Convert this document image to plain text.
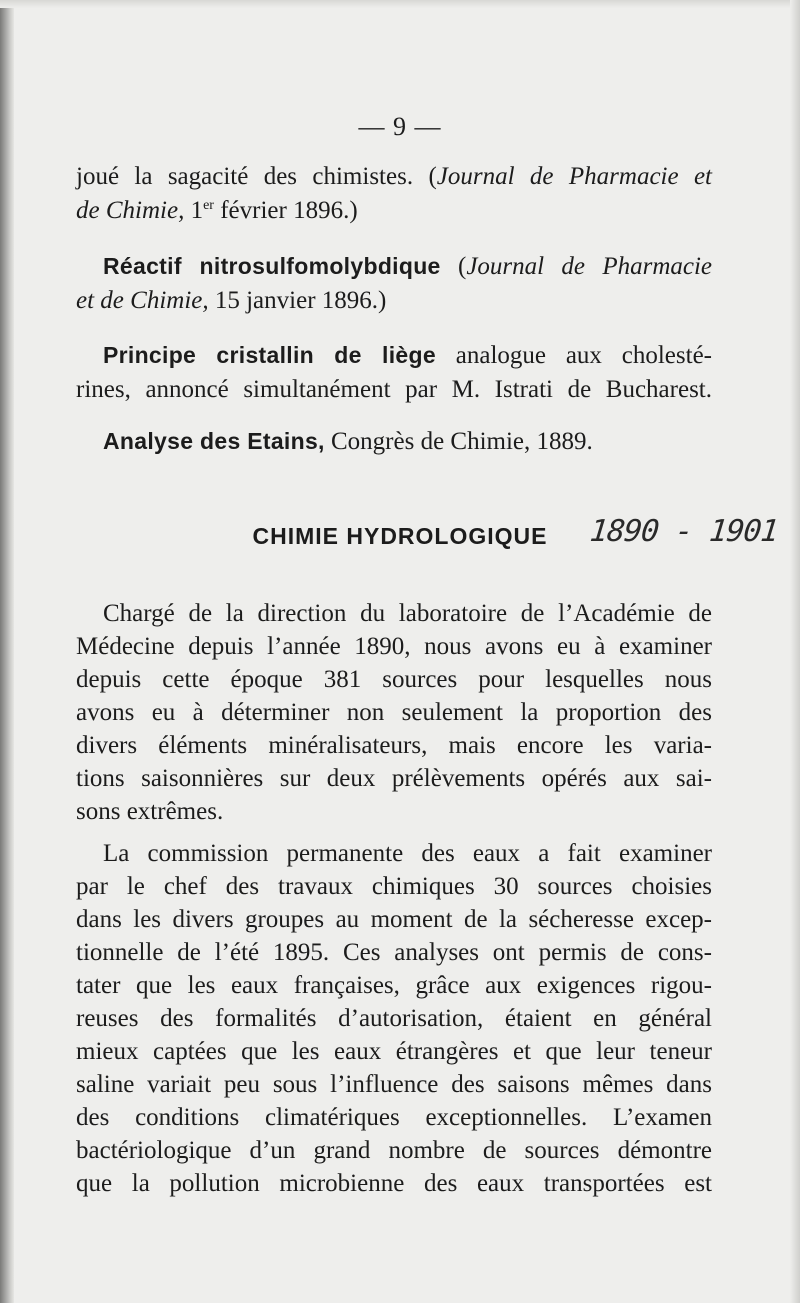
— 9 —
joué la sagacité des chimistes. (Journal de Pharmacie et
de Chimie, 1er février 1896.)
Réactif nitrosulfomolybdique (Journal de Pharmacie
et de Chimie, 15 janvier 1896.)
Principe cristallin de liège analogue aux cholesté-
rines, annoncé simultanément par M. Istrati de Bucharest.
Analyse des Etains, Congrès de Chimie, 1889.
CHIMIE HYDROLOGIQUE	1890 - 1901
Chargé de la direction du laboratoire de l’Académie de
Médecine depuis l’année 1890, nous avons eu à examiner
depuis cette époque 381 sources pour lesquelles nous
avons eu à déterminer non seulement la proportion des
divers éléments minéralisateurs, mais encore les varia-
tions saisonnières sur deux prélèvements opérés aux sai-
sons extrêmes.
La commission permanente des eaux a fait examiner
par le chef des travaux chimiques 30 sources choisies
dans les divers groupes au moment de la sécheresse excep-
tionnelle de l’été 1895. Ces analyses ont permis de cons-
tater que les eaux françaises, grâce aux exigences rigou-
reuses des formalités d’autorisation, étaient en général
mieux captées que les eaux étrangères et que leur teneur
saline variait peu sous l’influence des saisons mêmes dans
des conditions climatériques exceptionnelles. L’examen
bactériologique d’un grand nombre de sources démontre
que la pollution microbienne des eaux transportées est
